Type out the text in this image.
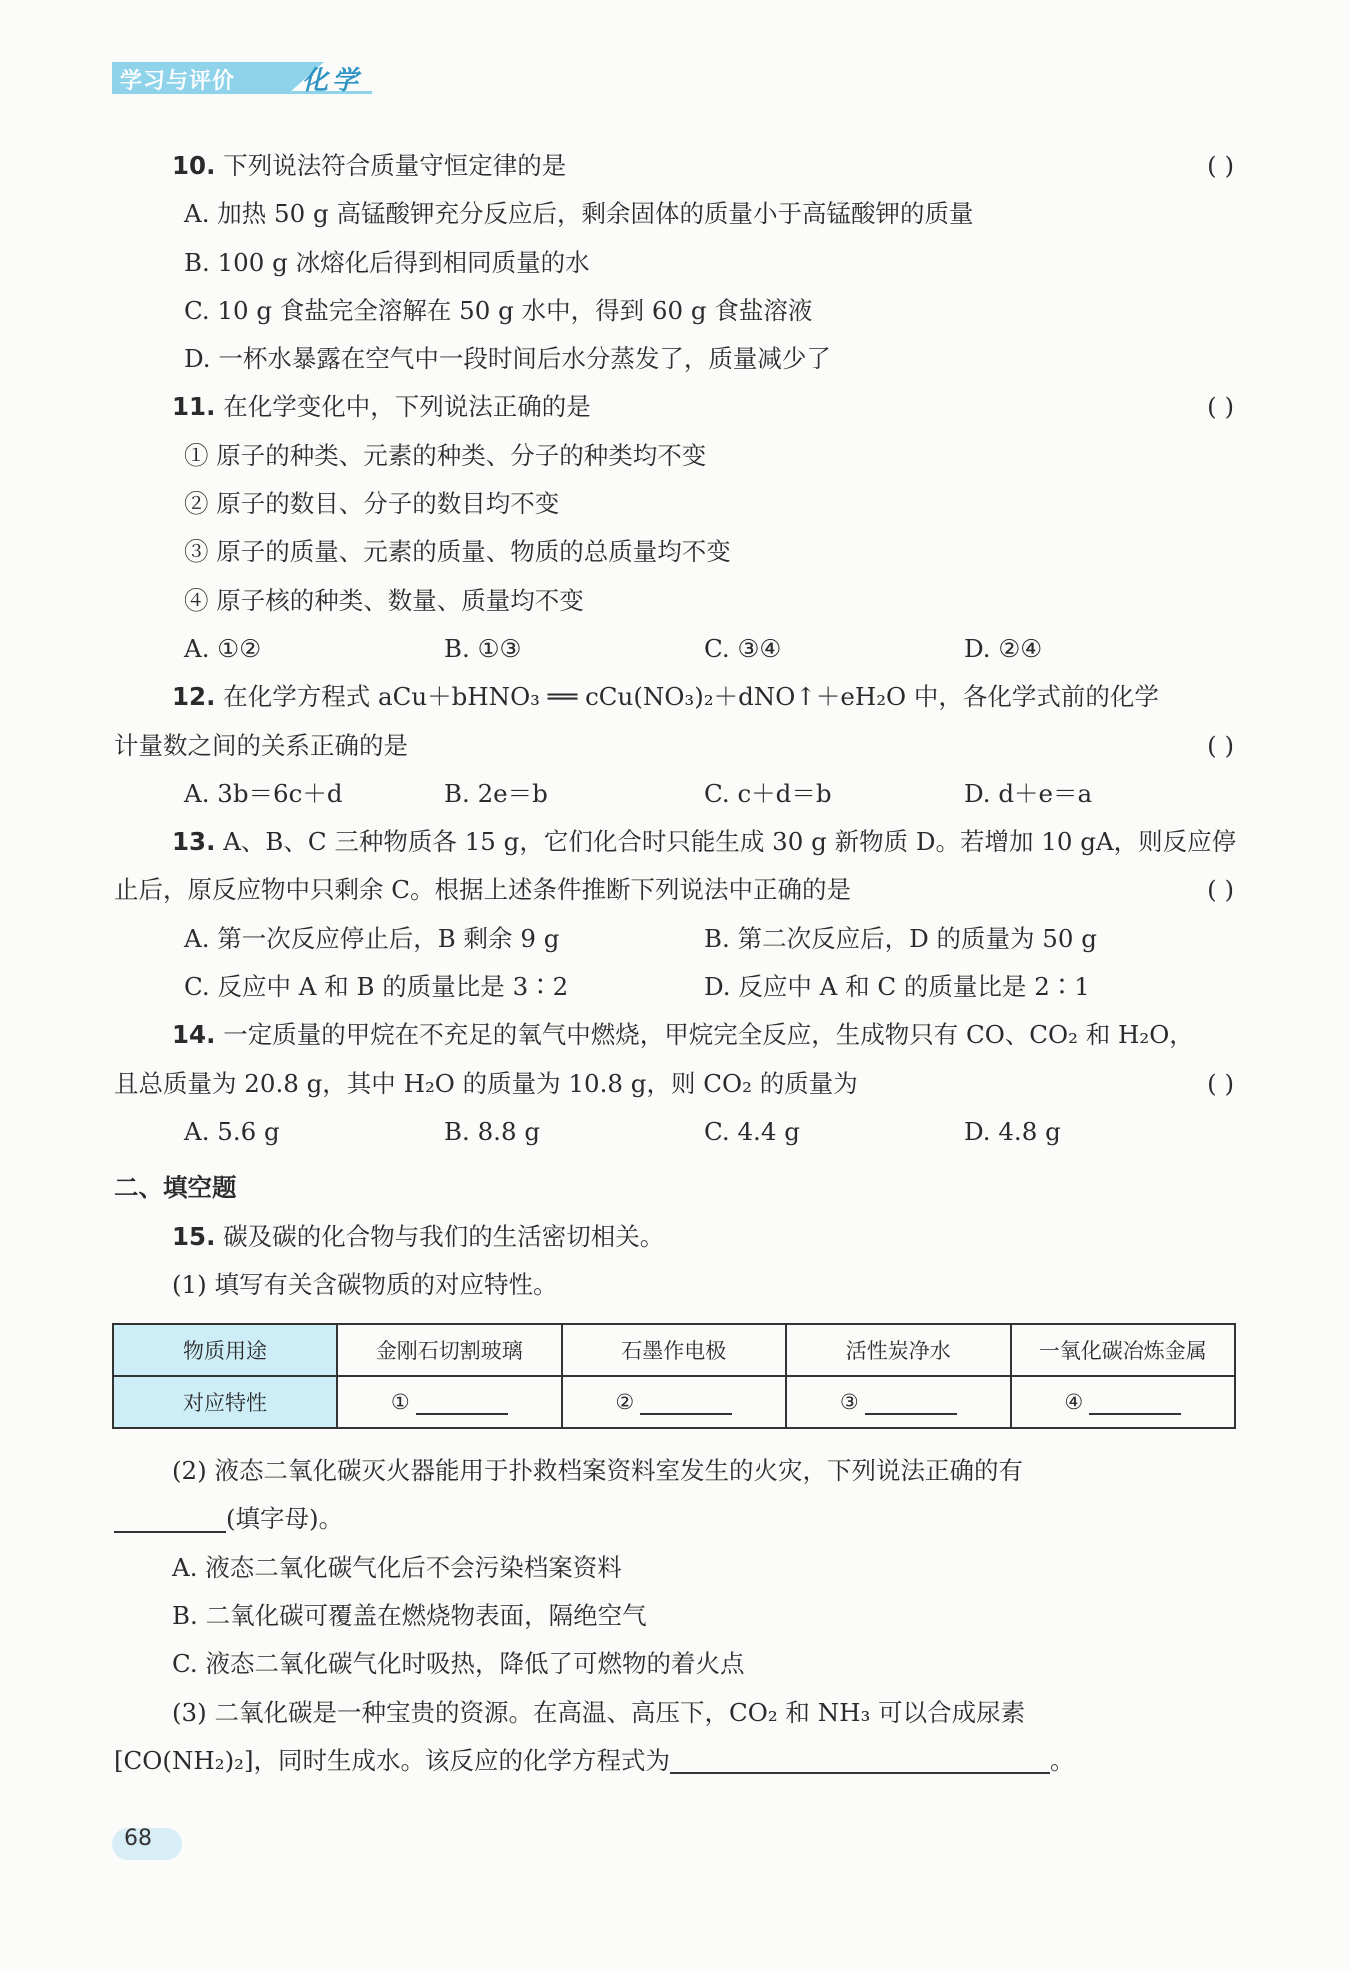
学习与评价	化学
10. 下列说法符合质量守恒定律的是	( )
A. 加热 50 g 高锰酸钾充分反应后，剩余固体的质量小于高锰酸钾的质量
B. 100 g 冰熔化后得到相同质量的水
C. 10 g 食盐完全溶解在 50 g 水中，得到 60 g 食盐溶液
D. 一杯水暴露在空气中一段时间后水分蒸发了，质量减少了
11. 在化学变化中，下列说法正确的是	( )
① 原子的种类、元素的种类、分子的种类均不变
② 原子的数目、分子的数目均不变
③ 原子的质量、元素的质量、物质的总质量均不变
④ 原子核的种类、数量、质量均不变
A. ①②	B. ①③	C. ③④	D. ②④
12. 在化学方程式 aCu＋bHNO₃ ══ cCu(NO₃)₂＋dNO↑＋eH₂O 中，各化学式前的化学
计量数之间的关系正确的是	( )
A. 3b＝6c＋d	B. 2e＝b	C. c＋d＝b	D. d＋e＝a
13. A、B、C 三种物质各 15 g，它们化合时只能生成 30 g 新物质 D。若增加 10 gA，则反应停
止后，原反应物中只剩余 C。根据上述条件推断下列说法中正确的是	( )
A. 第一次反应停止后，B 剩余 9 g	B. 第二次反应后，D 的质量为 50 g
C. 反应中 A 和 B 的质量比是 3∶2	D. 反应中 A 和 C 的质量比是 2∶1
14. 一定质量的甲烷在不充足的氧气中燃烧，甲烷完全反应，生成物只有 CO、CO₂ 和 H₂O，
且总质量为 20.8 g，其中 H₂O 的质量为 10.8 g，则 CO₂ 的质量为	( )
A. 5.6 g	B. 8.8 g	C. 4.4 g	D. 4.8 g
二、填空题
15. 碳及碳的化合物与我们的生活密切相关。
(1) 填写有关含碳物质的对应特性。
物质用途	金刚石切割玻璃	石墨作电极	活性炭净水	一氧化碳冶炼金属
对应特性	①	②	③	④
(2) 液态二氧化碳灭火器能用于扑救档案资料室发生的火灾，下列说法正确的有
(填字母)。
A. 液态二氧化碳气化后不会污染档案资料
B. 二氧化碳可覆盖在燃烧物表面，隔绝空气
C. 液态二氧化碳气化时吸热，降低了可燃物的着火点
(3) 二氧化碳是一种宝贵的资源。在高温、高压下，CO₂ 和 NH₃ 可以合成尿素
[CO(NH₂)₂]，同时生成水。该反应的化学方程式为	。
68
